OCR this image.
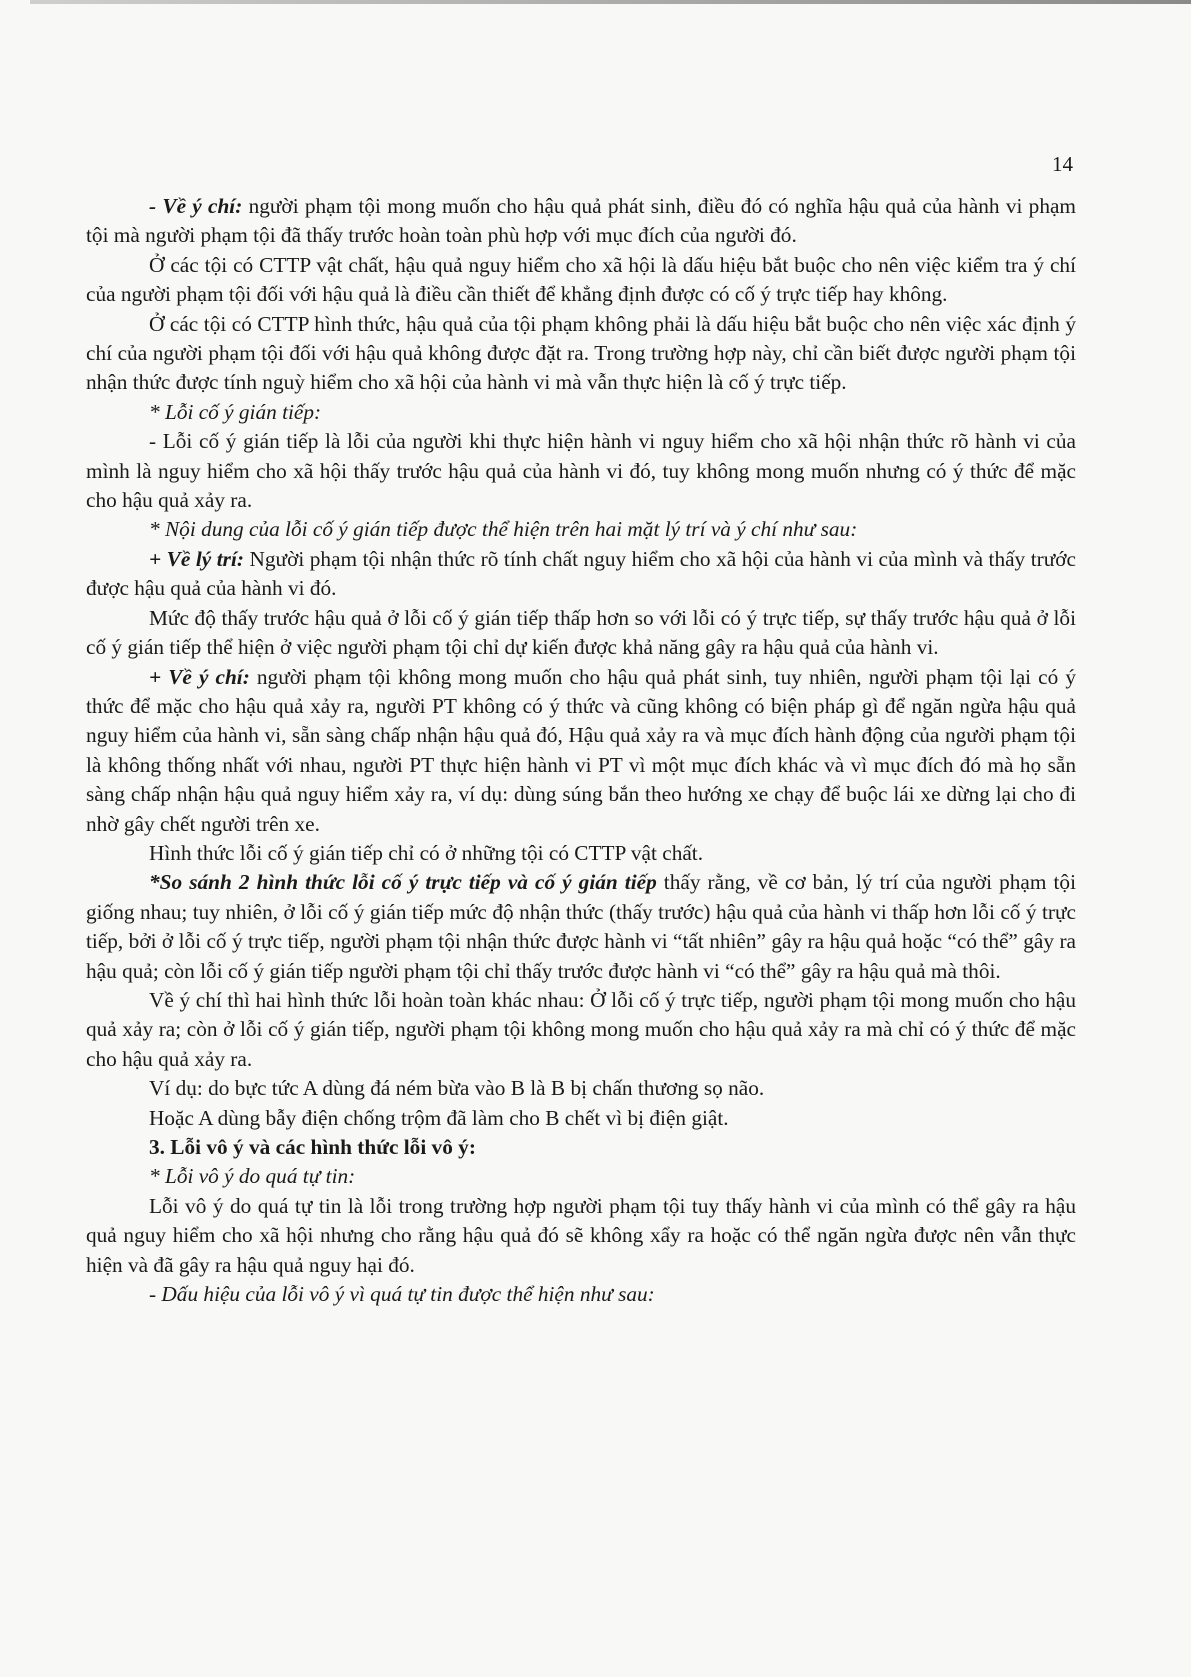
14

- Về ý chí: người phạm tội mong muốn cho hậu quả phát sinh, điều đó có nghĩa hậu quả của hành vi phạm tội mà người phạm tội đã thấy trước hoàn toàn phù hợp với mục đích của người đó.

Ở các tội có CTTP vật chất, hậu quả nguy hiểm cho xã hội là dấu hiệu bắt buộc cho nên việc kiểm tra ý chí của người phạm tội đối với hậu quả là điều cần thiết để khẳng định được có cố ý trực tiếp hay không.

Ở các tội có CTTP hình thức, hậu quả của tội phạm không phải là dấu hiệu bắt buộc cho nên việc xác định ý chí của người phạm tội đối với hậu quả không được đặt ra. Trong trường hợp này, chỉ cần biết được người phạm tội nhận thức được tính nguỳ hiểm cho xã hội của hành vi mà vẫn thực hiện là cố ý trực tiếp.

* Lỗi cố ý gián tiếp:

- Lỗi cố ý gián tiếp là lỗi của người khi thực hiện hành vi nguy hiểm cho xã hội nhận thức rõ hành vi của mình là nguy hiểm cho xã hội thấy trước hậu quả của hành vi đó, tuy không mong muốn nhưng có ý thức để mặc cho hậu quả xảy ra.

* Nội dung của lỗi cố ý gián tiếp được thể hiện trên hai mặt lý trí và ý chí như sau:

+ Về lý trí: Người phạm tội nhận thức rõ tính chất nguy hiểm cho xã hội của hành vi của mình và thấy trước được hậu quả của hành vi đó.

Mức độ thấy trước hậu quả ở lỗi cố ý gián tiếp thấp hơn so với lỗi có ý trực tiếp, sự thấy trước hậu quả ở lỗi cố ý gián tiếp thể hiện ở việc người phạm tội chỉ dự kiến được khả năng gây ra hậu quả của hành vi.

+ Về ý chí: người phạm tội không mong muốn cho hậu quả phát sinh, tuy nhiên, người phạm tội lại có ý thức để mặc cho hậu quả xảy ra, người PT không có ý thức và cũng không có biện pháp gì để ngăn ngừa hậu quả nguy hiểm của hành vi, sẵn sàng chấp nhận hậu quả đó, Hậu quả xảy ra và mục đích hành động của người phạm tội là không thống nhất với nhau, người PT thực hiện hành vi PT vì một mục đích khác và vì mục đích đó mà họ sẵn sàng chấp nhận hậu quả nguy hiểm xảy ra, ví dụ: dùng súng bắn theo hướng xe chạy để buộc lái xe dừng lại cho đi nhờ gây chết người trên xe.

Hình thức lỗi cố ý gián tiếp chỉ có ở những tội có CTTP vật chất.

*So sánh 2 hình thức lỗi cố ý trực tiếp và cố ý gián tiếp thấy rằng, về cơ bản, lý trí của người phạm tội giống nhau; tuy nhiên, ở lỗi cố ý gián tiếp mức độ nhận thức (thấy trước) hậu quả của hành vi thấp hơn lỗi cố ý trực tiếp, bởi ở lỗi cố ý trực tiếp, người phạm tội nhận thức được hành vi “tất nhiên” gây ra hậu quả hoặc “có thể” gây ra hậu quả; còn lỗi cố ý gián tiếp người phạm tội chỉ thấy trước được hành vi “có thể” gây ra hậu quả mà thôi.

Về ý chí thì hai hình thức lỗi hoàn toàn khác nhau: Ở lỗi cố ý trực tiếp, người phạm tội mong muốn cho hậu quả xảy ra; còn ở lỗi cố ý gián tiếp, người phạm tội không mong muốn cho hậu quả xảy ra mà chỉ có ý thức để mặc cho hậu quả xảy ra.

Ví dụ: do bực tức A dùng đá ném bừa vào B là B bị chấn thương sọ não.

Hoặc A dùng bẫy điện chống trộm đã làm cho B chết vì bị điện giật.

3. Lỗi vô ý và các hình thức lỗi vô ý:

* Lỗi vô ý do quá tự tin:

Lỗi vô ý do quá tự tin là lỗi trong trường hợp người phạm tội tuy thấy hành vi của mình có thể gây ra hậu quả nguy hiểm cho xã hội nhưng cho rằng hậu quả đó sẽ không xẩy ra hoặc có thể ngăn ngừa được nên vẫn thực hiện và đã gây ra hậu quả nguy hại đó.

- Dấu hiệu của lỗi vô ý vì quá tự tin được thể hiện như sau:
